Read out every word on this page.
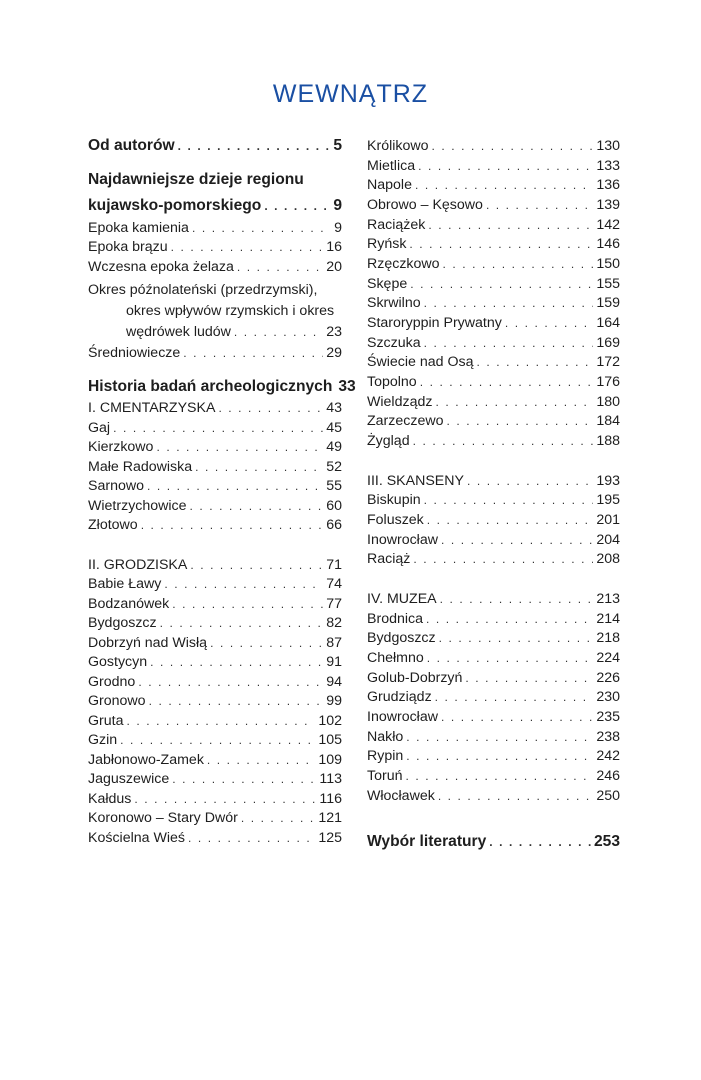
WEWNĄTRZ
Od autorów . . .	5
Najdawniejsze dzieje regionu
kujawsko-pomorskiego . . .	9
Epoka kamienia . . .	9
Epoka brązu . . .	16
Wczesna epoka żelaza . . .	20
Okres późnolateński (przedrzymski),
okres wpływów rzymskich i okres
wędrówek ludów . . .	23
Średniowiecze . . .	29
Historia badań archeologicznych 33
I. CMENTARZYSKA . . .	43
Gaj . . .	45
Kierzkowo . . .	49
Małe Radowiska . . .	52
Sarnowo . . .	55
Wietrzychowice . . .	60
Złotowo . . .	66
II. GRODZISKA . . .	71
Babie Ławy . . .	74
Bodzanówek . . .	77
Bydgoszcz . . .	82
Dobrzyń nad Wisłą . . .	87
Gostycyn . . .	91
Grodno . . .	94
Gronowo . . .	99
Gruta . . .	102
Gzin . . .	105
Jabłonowo-Zamek . . .	109
Jaguszewice . . .	113
Kałdus . . .	116
Koronowo – Stary Dwór . . .	121
Kościelna Wieś . . .	125
Królikowo . . .	130
Mietlica . . .	133
Napole . . .	136
Obrowo – Kęsowo . . .	139
Raciążek . . .	142
Ryńsk . . .	146
Rzęczkowo . . .	150
Skępe . . .	155
Skrwilno . . .	159
Staroryppin Prywatny . . .	164
Szczuka . . .	169
Świecie nad Osą . . .	172
Topolno . . .	176
Wieldządz . . .	180
Zarzeczewo . . .	184
Żygląd . . .	188
III. SKANSENY . . .	193
Biskupin . . .	195
Foluszek . . .	201
Inowrocław . . .	204
Raciąż . . .	208
IV. MUZEA . . .	213
Brodnica . . .	214
Bydgoszcz . . .	218
Chełmno . . .	224
Golub-Dobrzyń . . .	226
Grudziądz . . .	230
Inowrocław . . .	235
Nakło . . .	238
Rypin . . .	242
Toruń . . .	246
Włocławek . . .	250
Wybór literatury . . .	253
